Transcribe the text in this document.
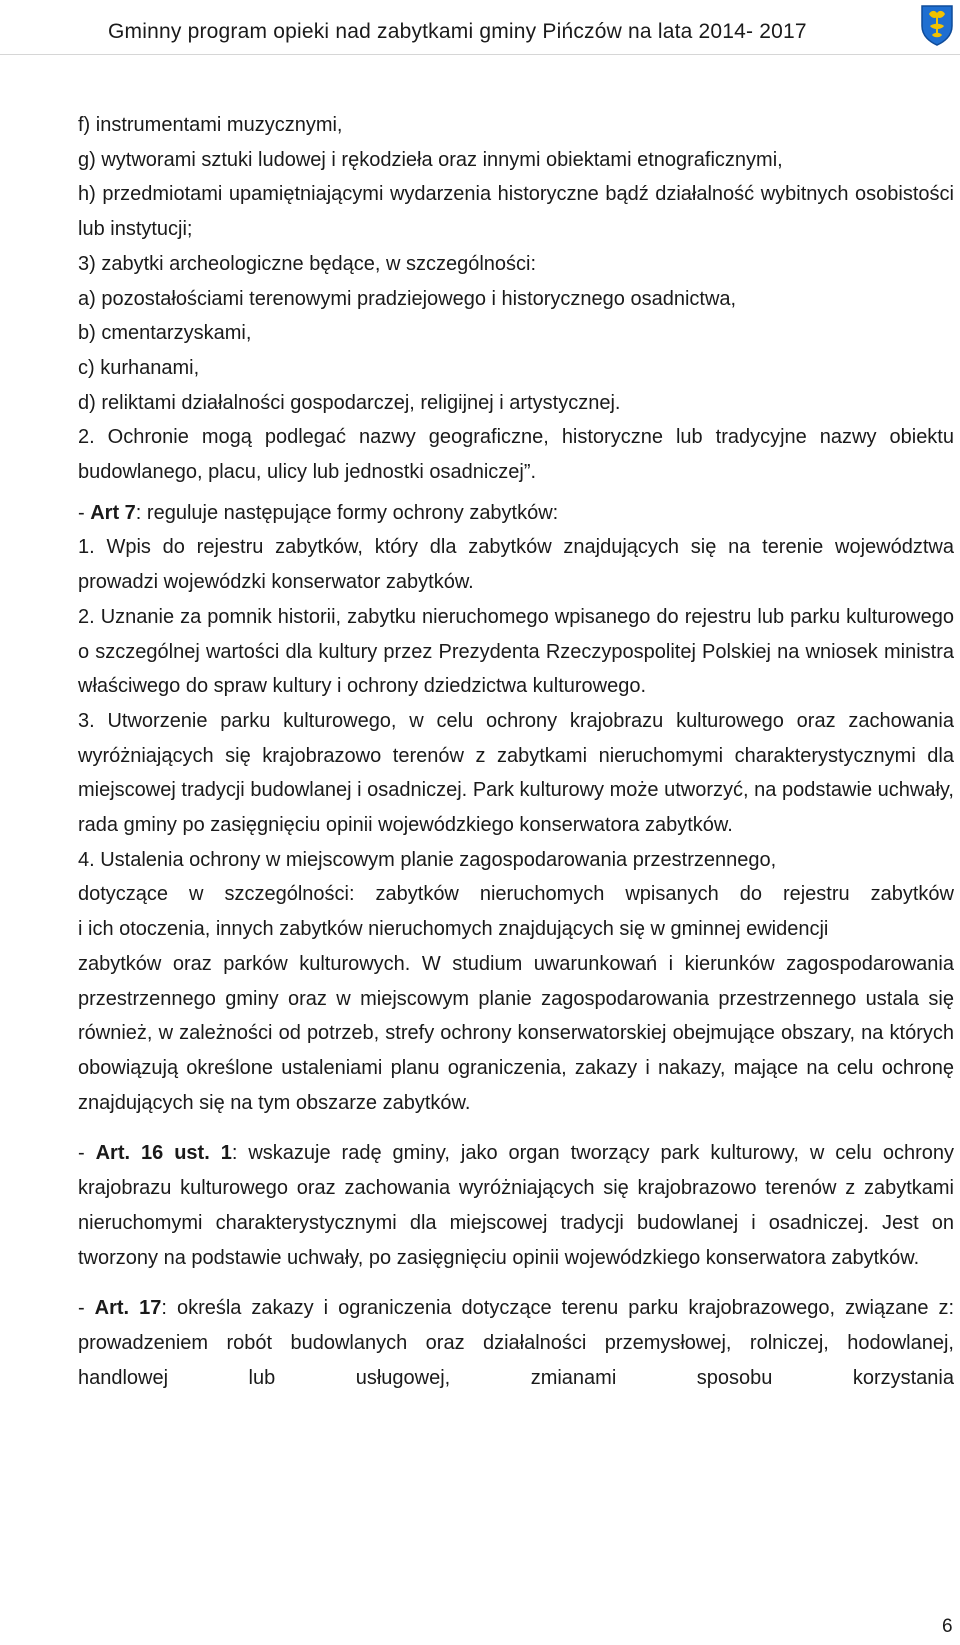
Gminny program opieki nad zabytkami gminy Pińczów na lata 2014- 2017

f) instrumentami muzycznymi,

g) wytworami sztuki ludowej i rękodzieła oraz innymi obiektami etnograficznymi,

h) przedmiotami upamiętniającymi wydarzenia historyczne bądź działalność wybitnych osobistości lub instytucji;

3) zabytki archeologiczne będące, w szczególności:

a) pozostałościami terenowymi pradziejowego i historycznego osadnictwa,

b) cmentarzyskami,

c) kurhanami,

d) reliktami działalności gospodarczej, religijnej i artystycznej.

2. Ochronie mogą podlegać nazwy geograficzne, historyczne lub tradycyjne nazwy obiektu budowlanego, placu, ulicy lub jednostki osadniczej”.

- Art 7: reguluje następujące formy ochrony zabytków:

1. Wpis do rejestru zabytków, który dla zabytków znajdujących się na terenie województwa prowadzi wojewódzki konserwator zabytków.

2. Uznanie za pomnik historii, zabytku nieruchomego wpisanego do rejestru lub parku kulturowego o szczególnej wartości dla kultury przez Prezydenta Rzeczypospolitej Polskiej na wniosek ministra właściwego do spraw kultury i ochrony dziedzictwa kulturowego.

3. Utworzenie parku kulturowego, w celu ochrony krajobrazu kulturowego oraz zachowania wyróżniających się krajobrazowo terenów z zabytkami nieruchomymi charakterystycznymi dla miejscowej tradycji budowlanej i osadniczej. Park kulturowy może utworzyć, na podstawie uchwały, rada gminy po zasięgnięciu opinii wojewódzkiego konserwatora zabytków.

4. Ustalenia ochrony w miejscowym planie zagospodarowania przestrzennego,

dotyczące w szczególności: zabytków nieruchomych wpisanych do rejestru zabytków

i ich otoczenia, innych zabytków nieruchomych znajdujących się w gminnej ewidencji

zabytków oraz parków kulturowych. W studium uwarunkowań i kierunków zagospodarowania przestrzennego gminy oraz w miejscowym planie zagospodarowania przestrzennego ustala się również, w zależności od potrzeb, strefy ochrony konserwatorskiej obejmujące obszary, na których obowiązują określone ustaleniami planu ograniczenia, zakazy i nakazy, mające na celu ochronę znajdujących się na tym obszarze zabytków.

- Art. 16 ust. 1: wskazuje radę gminy, jako organ tworzący park kulturowy, w celu ochrony krajobrazu kulturowego oraz zachowania wyróżniających się krajobrazowo terenów z zabytkami nieruchomymi charakterystycznymi dla miejscowej tradycji budowlanej i osadniczej. Jest on tworzony na podstawie uchwały, po zasięgnięciu opinii wojewódzkiego konserwatora zabytków.

- Art. 17: określa zakazy i ograniczenia dotyczące terenu parku krajobrazowego, związane z: prowadzeniem robót budowlanych oraz działalności przemysłowej, rolniczej, hodowlanej, handlowej lub usługowej, zmianami sposobu korzystania

6
